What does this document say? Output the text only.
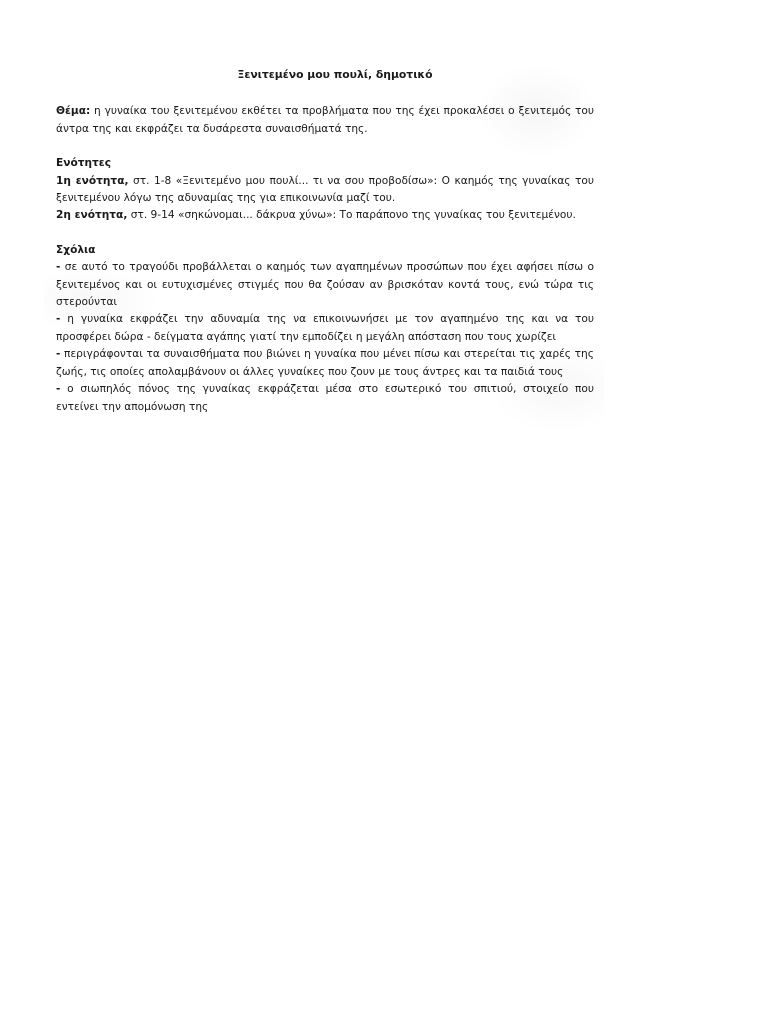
Ξενιτεμένο μου πουλί, δημοτικό

Θέμα: η γυναίκα του ξενιτεμένου εκθέτει τα προβλήματα που της έχει προκαλέσει ο ξενιτεμός του άντρα της και εκφράζει τα δυσάρεστα συναισθήματά της.

Ενότητες

1η ενότητα, στ. 1-8 «Ξενιτεμένο μου πουλί... τι να σου προβοδίσω»: Ο καημός της γυναίκας του ξενιτεμένου λόγω της αδυναμίας της για επικοινωνία μαζί του.

2η ενότητα, στ. 9-14 «σηκώνομαι... δάκρυα χύνω»: Το παράπονο της γυναίκας του ξενιτεμένου.

Σχόλια

- σε αυτό το τραγούδι προβάλλεται ο καημός των αγαπημένων προσώπων που έχει αφήσει πίσω ο ξενιτεμένος και οι ευτυχισμένες στιγμές που θα ζούσαν αν βρισκόταν κοντά τους, ενώ τώρα τις στερούνται

- η γυναίκα εκφράζει την αδυναμία της να επικοινωνήσει με τον αγαπημένο της και να του προσφέρει δώρα - δείγματα αγάπης γιατί την εμποδίζει η μεγάλη απόσταση που τους χωρίζει

- περιγράφονται τα συναισθήματα που βιώνει η γυναίκα που μένει πίσω και στερείται τις χαρές της ζωής, τις οποίες απολαμβάνουν οι άλλες γυναίκες που ζουν με τους άντρες και τα παιδιά τους

- ο σιωπηλός πόνος της γυναίκας εκφράζεται μέσα στο εσωτερικό του σπιτιού, στοιχείο που εντείνει την απομόνωση της
